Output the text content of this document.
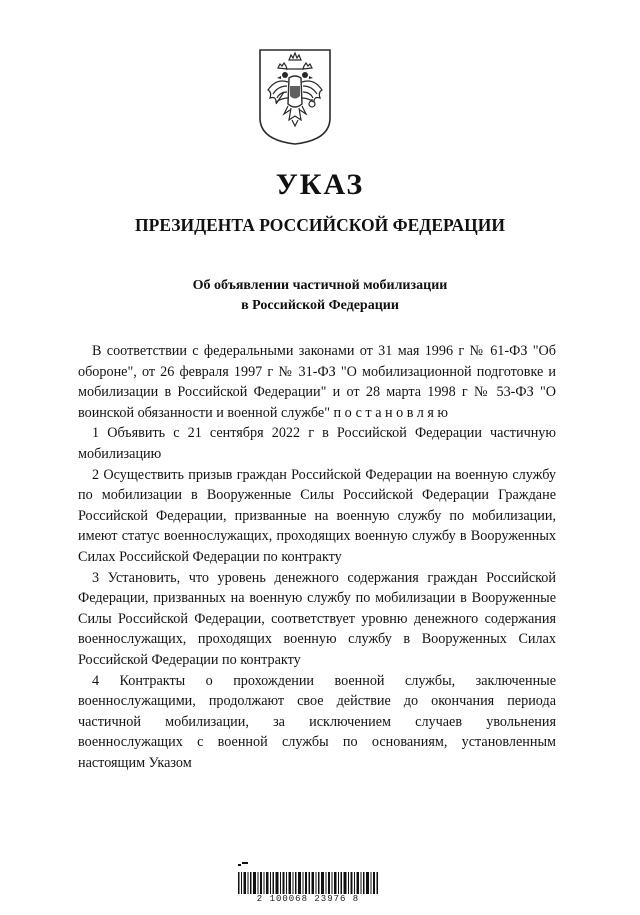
УКАЗ
ПРЕЗИДЕНТА РОССИЙСКОЙ ФЕДЕРАЦИИ
Об объявлении частичной мобилизации
в Российской Федерации

В соответствии с федеральными законами от 31 мая 1996 г № 61-ФЗ "Об обороне", от 26 февраля 1997 г № 31-ФЗ "О мобилизационной подготовке и мобилизации в Российской Федерации" и от 28 марта 1998 г № 53-ФЗ "О воинской обязанности и военной службе" постановляю

1 Объявить с 21 сентября 2022 г в Российской Федерации частичную мобилизацию

2 Осуществить призыв граждан Российской Федерации на военную службу по мобилизации в Вооруженные Силы Российской Федерации Граждане Российской Федерации, призванные на военную службу по мобилизации, имеют статус военнослужащих, проходящих военную службу в Вооруженных Силах Российской Федерации по контракту

3 Установить, что уровень денежного содержания граждан Российской Федерации, призванных на военную службу по мобилизации в Вооруженные Силы Российской Федерации, соответствует уровню денежного содержания военнослужащих, проходящих военную службу в Вооруженных Силах Российской Федерации по контракту

4 Контракты о прохождении военной службы, заключенные военнослужащими, продолжают свое действие до окончания периода частичной мобилизации, за исключением случаев увольнения военнослужащих с военной службы по основаниям, установленным настоящим Указом

2 100068 23976 8
